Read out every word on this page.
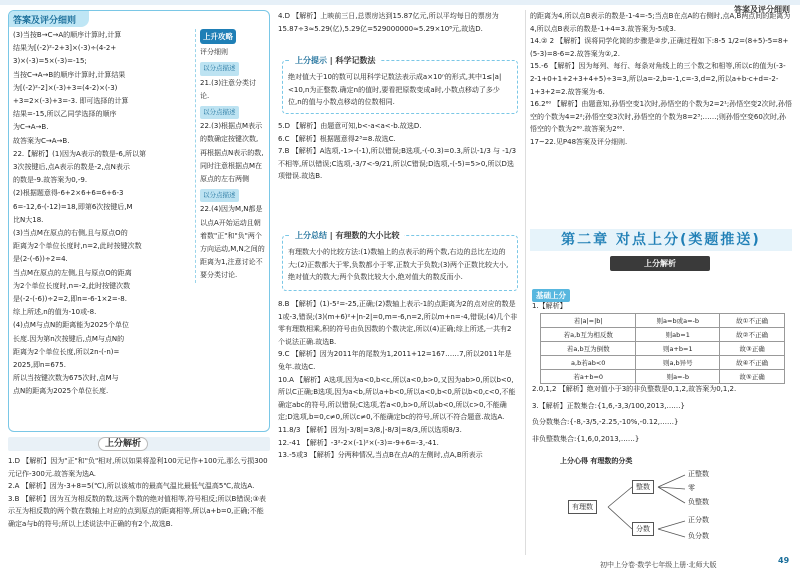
答案及评分细则
答案及评分细则

(3)当按B→C→A的顺序计算时,计算

结果为[(-2)²-2+3]×(-3)÷(4-2+

3)×(-3)=5×(-3)=-15;

当按C→A→B的顺序计算时,计算结果

为[(-2)²-2]×(-3)+3=(4-2)×(-3)

+3=2×(-3)+3=-3. 即可选择的计算

结果=-15,所以乙同学选择的顺序

为C→A→B.

故答案为C→A→B.

22.【解析】(1)因为A表示的数是-6,所以第

3次按键后,点A表示的数是-2,点N表示

的数是-9.故答案为0,-9.

(2)根据题意得-6+2×6+6=6+6-3

6=-12,6-(-12)=18,即第6次按键后,M

比N大18.

(3)当点M在原点的右侧,且与原点O的

距离为2个单位长度时,n=2,此时按键次数

是(2-(-6))÷2=4.

当点M在原点的左侧,且与原点O的距离

为2个单位长度时,n=-2,此时按键次数

是(-2-(-6))÷2=2,即n=-6-1×2=-8.

综上所述,n的值为-10或-8.

(4)点M与点N的距离能为2025个单位

长度.因为第n次按键后,点M与点N的

距离为2个单位长度,所以2n-(-n)=

2025,即n=675.

所以当按键次数为675次时,点M与

点N的距离为2025个单位长度.

上升攻略

评分细则

以分点描述

21.(3)注意分类讨论.

以分点描述

22.(3)根据点M表示的数确定按键次数,再根据点N表示的数,同时注意根据点M在原点的左右两侧

以分点描述

22.(4)因为M,N都是以点A开始运动且朝着数"正"和"负"两个方向运动,M,N之间的距离为1,注意讨论不要分类讨论.

上分解析

1.D 【解析】因为"正"和"负"相对,所以如果将盈利100元记作+100元,那么亏损300元记作-300元.故答案为选A.

2.A 【解析】因为-3+8=5(℃),所以该城市的最高气温比最低气温高5℃,故选A.

3.B 【解析】因为互为相反数的数,这两个数的绝对值相等,符号相反;所以B错误;③表示互为相反数的两个数在数轴上对应的点到原点的距离相等,所以a+b=0,正确;不能确定a与b的符号;所以上述说法中正确的有2个,故选B.

4.D 【解析】上映前三日,总票房达到15.87亿元,所以平均每日的票房为15.87÷3≈5.29(亿),5.29亿=529000000≈5.29×10⁸元,故选D.

上分提示 | 科学记数法
绝对值大于10的数可以用科学记数法表示成a×10ⁿ的形式,其中1≤|a|<10,n为正整数.确定n的值时,要看把原数变成a时,小数点移动了多少位,n的值与小数点移动的位数相同.

5.D 【解析】由题意可知,b<-a<a<-b.故选D.

6.C 【解析】根据题意得2³=8.故选C.

7.B 【解析】A选项,-1>-(-1),所以错误;B选项,-(-0.3)=0.3,所以-1/3 与 -1/3 不相等,所以错误;C选项,-3/7<-9/21,所以C错误;D选项,-(-5)=5>0,所以D选项错误.故选B.

上分总结 | 有理数的大小比较
有理数大小的比较方法:(1)数轴上的点表示的两个数,右边的总比左边的大;(2)正数都大于零,负数都小于零,正数大于负数;(3)两个正数比较大小,绝对值大的数大;两个负数比较大小,绝对值大的数反而小.

8.B 【解析】(1)-5²=-25,正确;(2)数轴上表示-1的点距离为2的点对应的数是1或-3,错误;(3)(m+6)²+|n-2|=0,m=-6,n=2,所以m+n=-4,错误;(4)几个非零有理数相乘,积的符号由负因数的个数决定,所以(4)正确;综上所述,一共有2个说法正确.故选B.

9.C 【解析】因为2011年的尾数为1,2011+12=167……7,所以2011年是兔年.故选C.

10.A 【解析】A选项,因为a<0,b<c,所以a<0,b>0,又因为ab>0,所以b<0,所以C正确;B选项,因为a<b,所以a+b<0,所以a<0,b<0,所以b<0,c<0,不能确定abc的符号,所以错误;C选项,若a<0,b>0,所以ab<0,所以c>0,不能确定;D选项,b=0,c≠0,所以c≠0,不能确定bc的符号,所以不符合题意.故选A.

11.8/3 【解析】因为|-3/8|=3/8,|-8/3|=8/3,所以选项8/3.

12.-41 【解析】-3²-2×(-1)²×(-3)=-9+6=-3,-41.

13.-5或3 【解析】分两种情况,当点B在点A的左侧时,点A,B所表示

的距离为4,所以点B表示的数是-1-4=-5;当点B在点A的右侧时,点A,B两点间的距离为4,所以点B表示的数是-1+4=3.故答案为-5或3.

14.② 2 【解析】误将同学化简的步骤是②步,正确过程如下:8-5 1/2=(8+5)-5=8+(5-3)=8-6=2.故答案为②,2.

15.-6 【解析】因为每列、每行、每条对角线上的三个数之和相等,所以c的值为(-3-2-1+0+1+2+3+4+5)÷3=3,所以a=-2,b=-1,c=-3,d=2,所以a+b-c+d=-2-1+3+2=2.故答案为-6.

16.2⁶⁰ 【解析】由题意知,孙悟空变1次时,孙悟空的个数为2=2¹;孙悟空变2次时,孙悟空的个数为4=2²;孙悟空变3次时,孙悟空的个数为8=2³;……;则孙悟空变60次时,孙悟空的个数为2⁶⁰.故答案为2⁶⁰.

17~22.见P48答案及评分细则.

第二章 对点上分(类题推送)
上分解析
基础上分

1.【解析】

若|a|=|b|	则a=b或a=-b	故①不正确
若a,b互为相反数	则ab=1	故②不正确
若a,b互为倒数	则a+b=1	故③正确
a,b若ab<0	则a,b异号	故④不正确
若a+b=0	则a=-b	故⑤正确

2.0,1,2 【解析】绝对值小于3的非负整数是0,1,2,故答案为0,1,2.

3.【解析】正数集合:{1,6,-3,3/100,2013,……}

负分数集合:{-8,-3/5,-2.25,-10%,-0.12,……}

非负整数集合:{1,6,0,2013,……}

上分心得 有理数的分类
有理数
整数
分数
正整数
零
负整数
正分数
负分数
初中上分卷·数学七年级上册·北师大版	49
